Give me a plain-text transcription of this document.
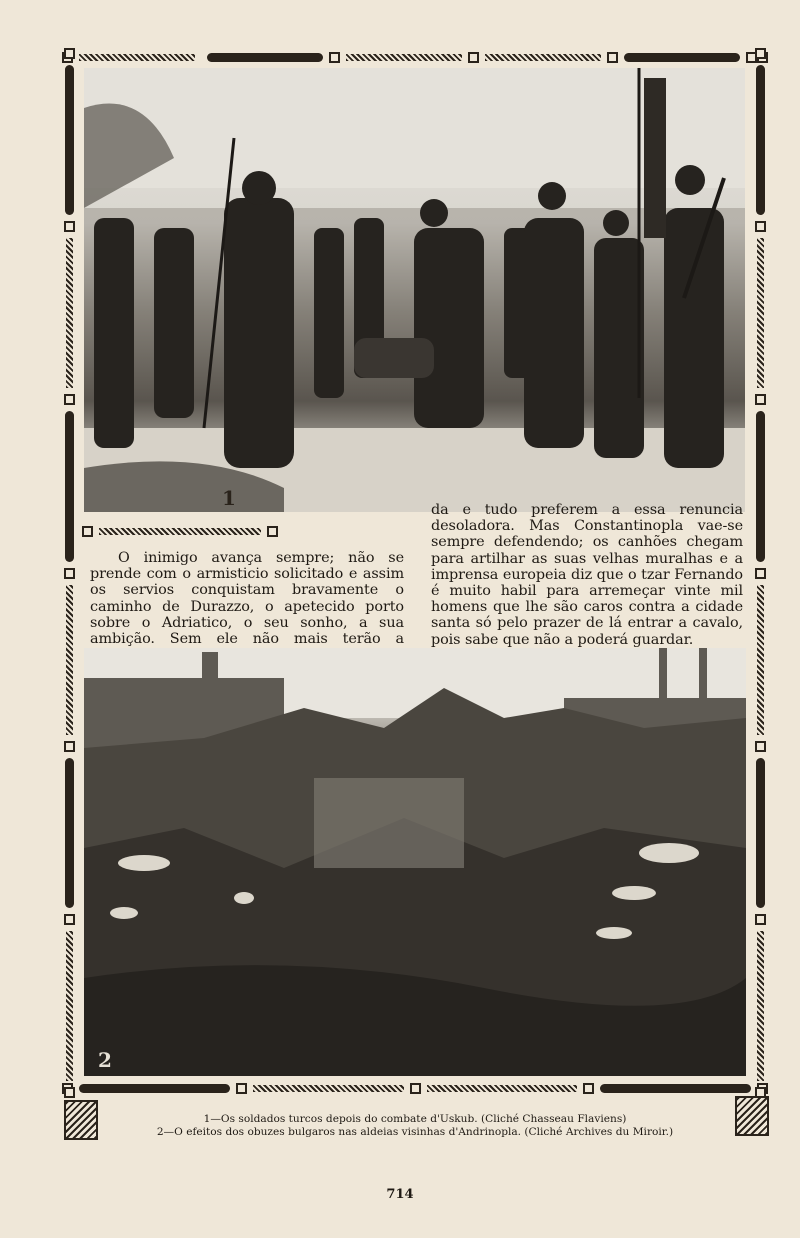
1

O inimigo avança sempre; não se prende com o armisticio solicitado e assim os servios conquistam bravamente o caminho de Durazzo, o apetecido porto sobre o Adriatico, o seu sonho, a sua ambição. Sem ele não mais terão a

da e tudo preferem a essa renuncia desoladora. Mas Constantinopla vae-se sempre defendendo; os canhões chegam para artilhar as suas velhas muralhas e a imprensa europeia diz que o tzar Fernando é muito habil para arremeçar vinte mil homens que lhe são caros contra a cidade santa só pelo prazer de lá entrar a cavalo, pois sabe que não a poderá guardar.

2
1—Os soldados turcos depois do combate d'Uskub. (Cliché Chasseau Flaviens)
2—O efeitos dos obuzes bulgaros nas aldeias visinhas d'Andrinopla. (Cliché Archives du Miroir.)
714
